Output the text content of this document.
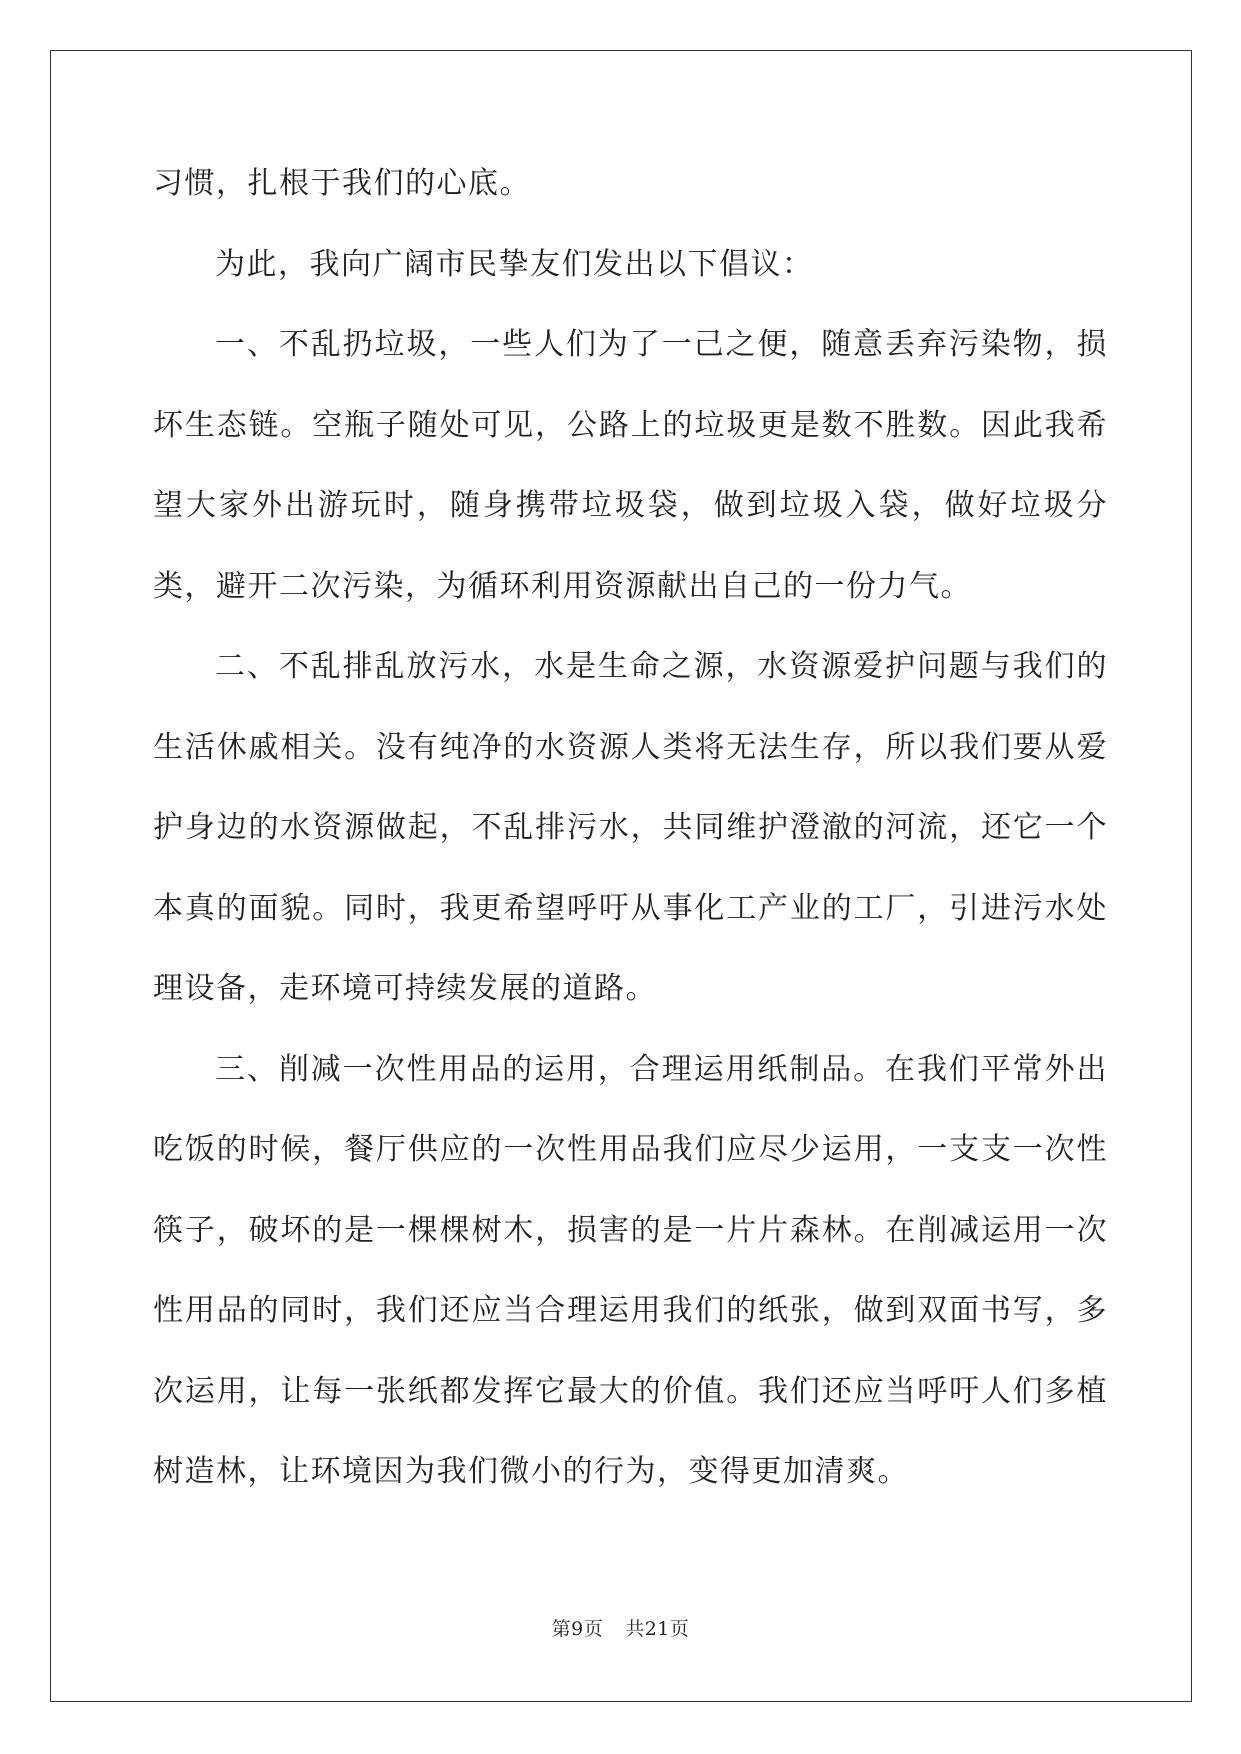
习惯，扎根于我们的心底。

为此，我向广阔市民挚友们发出以下倡议：

一、不乱扔垃圾，一些人们为了一己之便，随意丢弃污染物，损坏生态链。空瓶子随处可见，公路上的垃圾更是数不胜数。因此我希望大家外出游玩时，随身携带垃圾袋，做到垃圾入袋，做好垃圾分类，避开二次污染，为循环利用资源献出自己的一份力气。

二、不乱排乱放污水，水是生命之源，水资源爱护问题与我们的生活休戚相关。没有纯净的水资源人类将无法生存，所以我们要从爱护身边的水资源做起，不乱排污水，共同维护澄澈的河流，还它一个本真的面貌。同时，我更希望呼吁从事化工产业的工厂，引进污水处理设备，走环境可持续发展的道路。

三、削减一次性用品的运用，合理运用纸制品。在我们平常外出吃饭的时候，餐厅供应的一次性用品我们应尽少运用，一支支一次性筷子，破坏的是一棵棵树木，损害的是一片片森林。在削减运用一次性用品的同时，我们还应当合理运用我们的纸张，做到双面书写，多次运用，让每一张纸都发挥它最大的价值。我们还应当呼吁人们多植树造林，让环境因为我们微小的行为，变得更加清爽。

第9页 共21页
